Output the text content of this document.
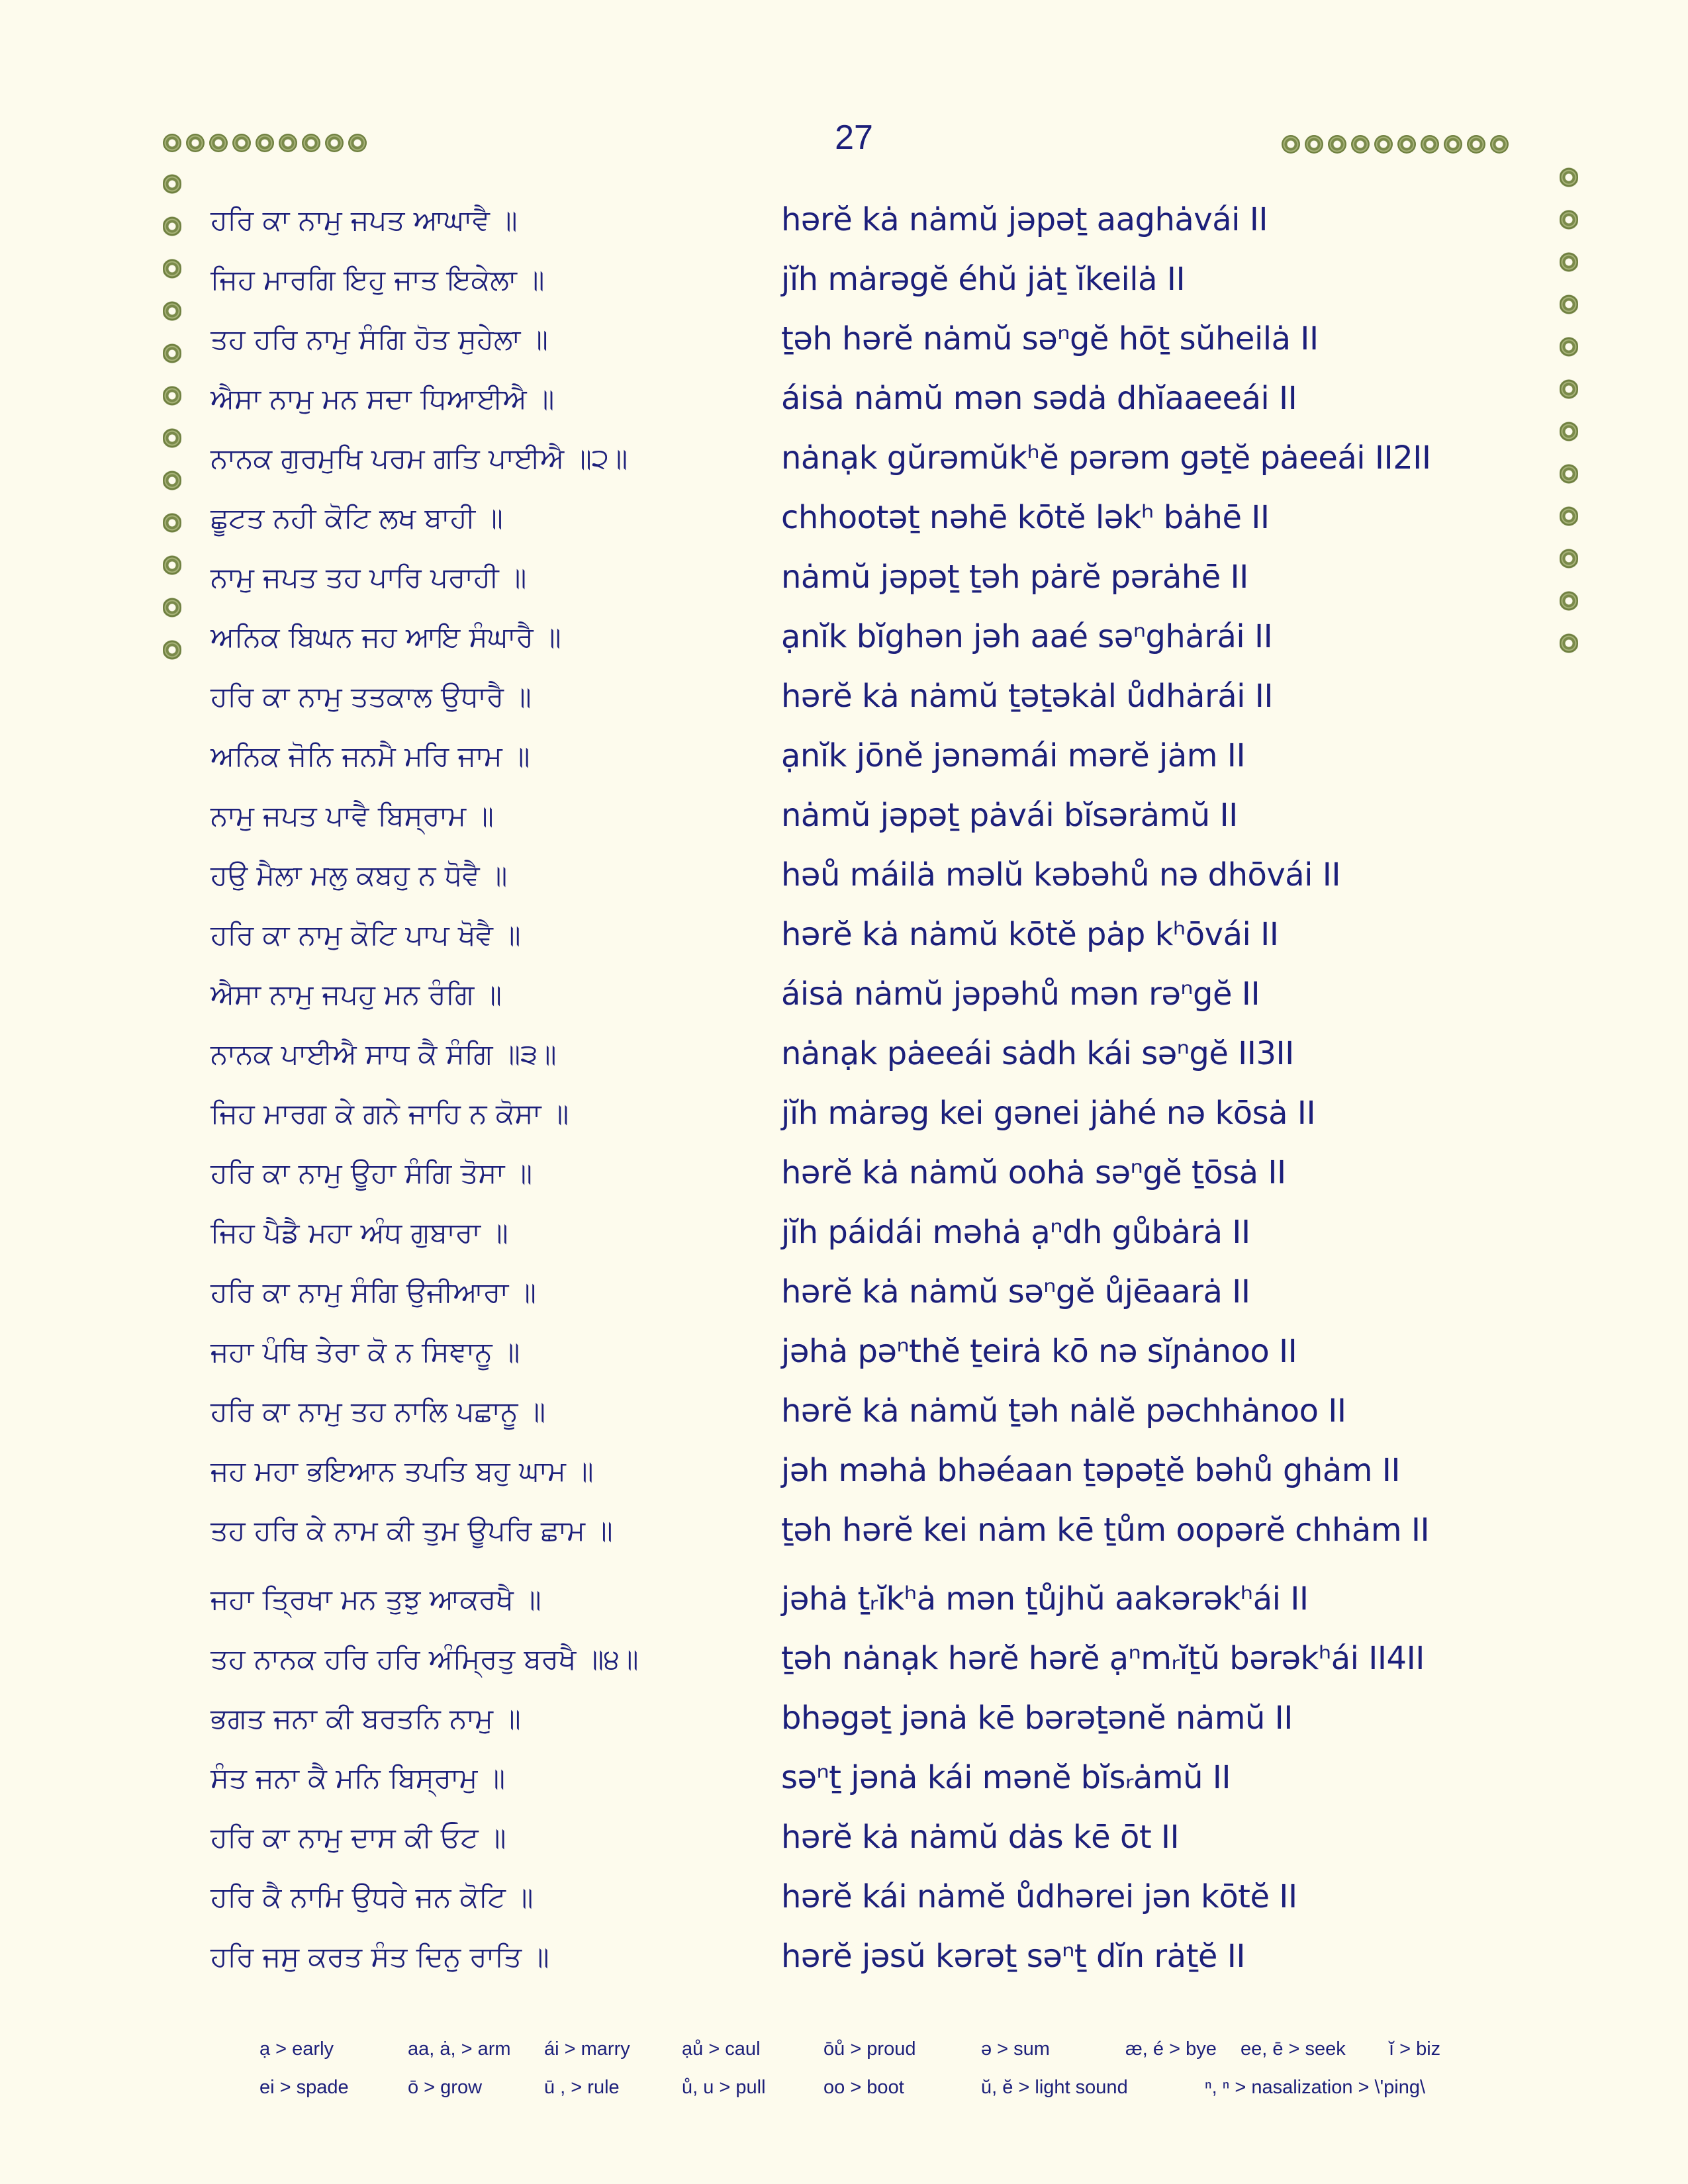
27
ਹਰਿ ਕਾ ਨਾਮੁ ਜਪਤ ਆਘਾਵੈ ॥	hərĕ kȧ nȧmŭ jəpəṯ aaghȧvái II
ਜਿਹ ਮਾਰਗਿ ਇਹੁ ਜਾਤ ਇਕੇਲਾ ॥	jĭh mȧrəgĕ éhŭ jȧṯ ĭkeilȧ II
ਤਹ ਹਰਿ ਨਾਮੁ ਸੰਗਿ ਹੋਤ ਸੁਹੇਲਾ ॥	ṯəh hərĕ nȧmŭ səⁿgĕ hōṯ sŭheilȧ II
ਐਸਾ ਨਾਮੁ ਮਨ ਸਦਾ ਧਿਆਈਐ ॥	áisȧ nȧmŭ mən sədȧ dhĭaaeeái II
ਨਾਨਕ ਗੁਰਮੁਖਿ ਪਰਮ ਗਤਿ ਪਾਈਐ ॥੨॥	nȧnạk gŭrəmŭkʰĕ pərəm gəṯĕ pȧeeái II2II
ਛੂਟਤ ਨਹੀ ਕੋਟਿ ਲਖ ਬਾਹੀ ॥	chhootəṯ nəhē kōtĕ ləkʰ bȧhē II
ਨਾਮੁ ਜਪਤ ਤਹ ਪਾਰਿ ਪਰਾਹੀ ॥	nȧmŭ jəpəṯ ṯəh pȧrĕ pərȧhē II
ਅਨਿਕ ਬਿਘਨ ਜਹ ਆਇ ਸੰਘਾਰੈ ॥	ạnĭk bĭghən jəh aaé səⁿghȧrái II
ਹਰਿ ਕਾ ਨਾਮੁ ਤਤਕਾਲ ਉਧਾਰੈ ॥	hərĕ kȧ nȧmŭ ṯəṯəkȧl ůdhȧrái II
ਅਨਿਕ ਜੋਨਿ ਜਨਮੈ ਮਰਿ ਜਾਮ ॥	ạnĭk jōnĕ jənəmái mərĕ jȧm II
ਨਾਮੁ ਜਪਤ ਪਾਵੈ ਬਿਸ੍ਰਾਮ ॥	nȧmŭ jəpəṯ pȧvái bĭsərȧmŭ II
ਹਉ ਮੈਲਾ ਮਲੁ ਕਬਹੁ ਨ ਧੋਵੈ ॥	həů máilȧ məlŭ kəbəhů nə dhōvái II
ਹਰਿ ਕਾ ਨਾਮੁ ਕੋਟਿ ਪਾਪ ਖੋਵੈ ॥	hərĕ kȧ nȧmŭ kōtĕ pȧp kʰōvái II
ਐਸਾ ਨਾਮੁ ਜਪਹੁ ਮਨ ਰੰਗਿ ॥	áisȧ nȧmŭ jəpəhů mən rəⁿgĕ II
ਨਾਨਕ ਪਾਈਐ ਸਾਧ ਕੈ ਸੰਗਿ ॥੩॥	nȧnạk pȧeeái sȧdh kái səⁿgĕ II3II
ਜਿਹ ਮਾਰਗ ਕੇ ਗਨੇ ਜਾਹਿ ਨ ਕੋਸਾ ॥	jĭh mȧrəg kei gənei jȧhé nə kōsȧ II
ਹਰਿ ਕਾ ਨਾਮੁ ਊਹਾ ਸੰਗਿ ਤੋਸਾ ॥	hərĕ kȧ nȧmŭ oohȧ səⁿgĕ ṯōsȧ II
ਜਿਹ ਪੈਡੈ ਮਹਾ ਅੰਧ ਗੁਬਾਰਾ ॥	jĭh páidái məhȧ ạⁿdh gůbȧrȧ II
ਹਰਿ ਕਾ ਨਾਮੁ ਸੰਗਿ ਉਜੀਆਰਾ ॥	hərĕ kȧ nȧmŭ səⁿgĕ ůjēaarȧ II
ਜਹਾ ਪੰਥਿ ਤੇਰਾ ਕੋ ਨ ਸਿਞਾਨੂ ॥	jəhȧ pəⁿthĕ ṯeirȧ kō nə sĭɲȧnoo II
ਹਰਿ ਕਾ ਨਾਮੁ ਤਹ ਨਾਲਿ ਪਛਾਨੂ ॥	hərĕ kȧ nȧmŭ ṯəh nȧlĕ pəchhȧnoo II
ਜਹ ਮਹਾ ਭਇਆਨ ਤਪਤਿ ਬਹੁ ਘਾਮ ॥	jəh məhȧ bhəéaan ṯəpəṯĕ bəhů ghȧm II
ਤਹ ਹਰਿ ਕੇ ਨਾਮ ਕੀ ਤੁਮ ਊਪਰਿ ਛਾਮ ॥	ṯəh hərĕ kei nȧm kē ṯům oopərĕ chhȧm II
ਜਹਾ ਤ੍ਰਿਖਾ ਮਨ ਤੁਝੁ ਆਕਰਖੈ ॥	jəhȧ ṯᵣĭkʰȧ mən ṯůjhŭ aakərəkʰái II
ਤਹ ਨਾਨਕ ਹਰਿ ਹਰਿ ਅੰਮ੍ਰਿਤੁ ਬਰਖੈ ॥੪॥	ṯəh nȧnạk hərĕ hərĕ ạⁿmᵣĭṯŭ bərəkʰái II4II
ਭਗਤ ਜਨਾ ਕੀ ਬਰਤਨਿ ਨਾਮੁ ॥	bhəgəṯ jənȧ kē bərəṯənĕ nȧmŭ II
ਸੰਤ ਜਨਾ ਕੈ ਮਨਿ ਬਿਸ੍ਰਾਮੁ ॥	səⁿṯ jənȧ kái mənĕ bĭsᵣȧmŭ II
ਹਰਿ ਕਾ ਨਾਮੁ ਦਾਸ ਕੀ ਓਟ ॥	hərĕ kȧ nȧmŭ dȧs kē ōt II
ਹਰਿ ਕੈ ਨਾਮਿ ਉਧਰੇ ਜਨ ਕੋਟਿ ॥	hərĕ kái nȧmĕ ůdhərei jən kōtĕ II
ਹਰਿ ਜਸੁ ਕਰਤ ਸੰਤ ਦਿਨੁ ਰਾਤਿ ॥	hərĕ jəsŭ kərəṯ səⁿṯ dĭn rȧṯĕ II
ạ > early	aa, ȧ, > arm ái > marry	ạů > caul	ōů > proud	ə > sum	æ, é > bye ee, ē > seek ĭ > biz
ei > spade	ō > grow	ū , > rule	ů, u > pull	oo > boot	ŭ, ĕ > light sound	ⁿ, ⁿ > nasalization > \'ping\
